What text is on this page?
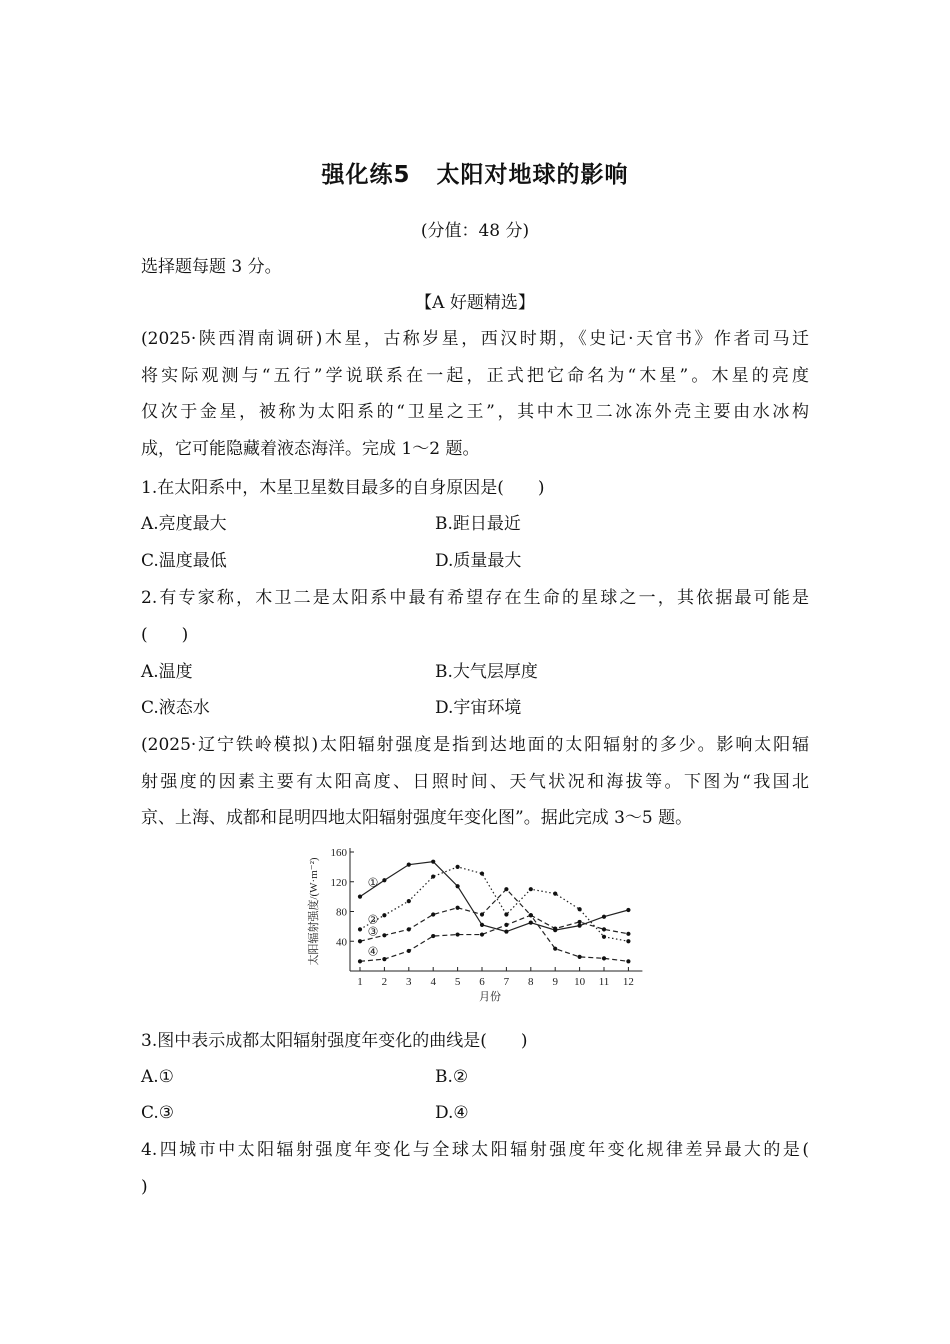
强化练5 太阳对地球的影响
(分值：48 分)
选择题每题 3 分。
【A 好题精选】
(2025·陕西渭南调研)木星，古称岁星，西汉时期，《史记·天官书》作者司马迁
将实际观测与“五行”学说联系在一起，正式把它命名为“木星”。木星的亮度
仅次于金星，被称为太阳系的“卫星之王”，其中木卫二冰冻外壳主要由水冰构
成，它可能隐藏着液态海洋。完成 1～2 题。
1.在太阳系中，木星卫星数目最多的自身原因是(　　)
A.亮度最大	B.距日最近
C.温度最低	D.质量最大
2.有专家称，木卫二是太阳系中最有希望存在生命的星球之一，其依据最可能是
(　　)
A.温度	B.大气层厚度
C.液态水	D.宇宙环境
(2025·辽宁铁岭模拟)太阳辐射强度是指到达地面的太阳辐射的多少。影响太阳辐
射强度的因素主要有太阳高度、日照时间、天气状况和海拔等。下图为“我国北
京、上海、成都和昆明四地太阳辐射强度年变化图”。据此完成 3～5 题。
40
80
120
160
1 2 3 4 5 6 7 8 9 10 11 12
月份
太阳辐射强度/(W·m⁻²)	①
②
③
④
3.图中表示成都太阳辐射强度年变化的曲线是(　　)
A.①	B.②
C.③	D.④
4.四城市中太阳辐射强度年变化与全球太阳辐射强度年变化规律差异最大的是(
)
